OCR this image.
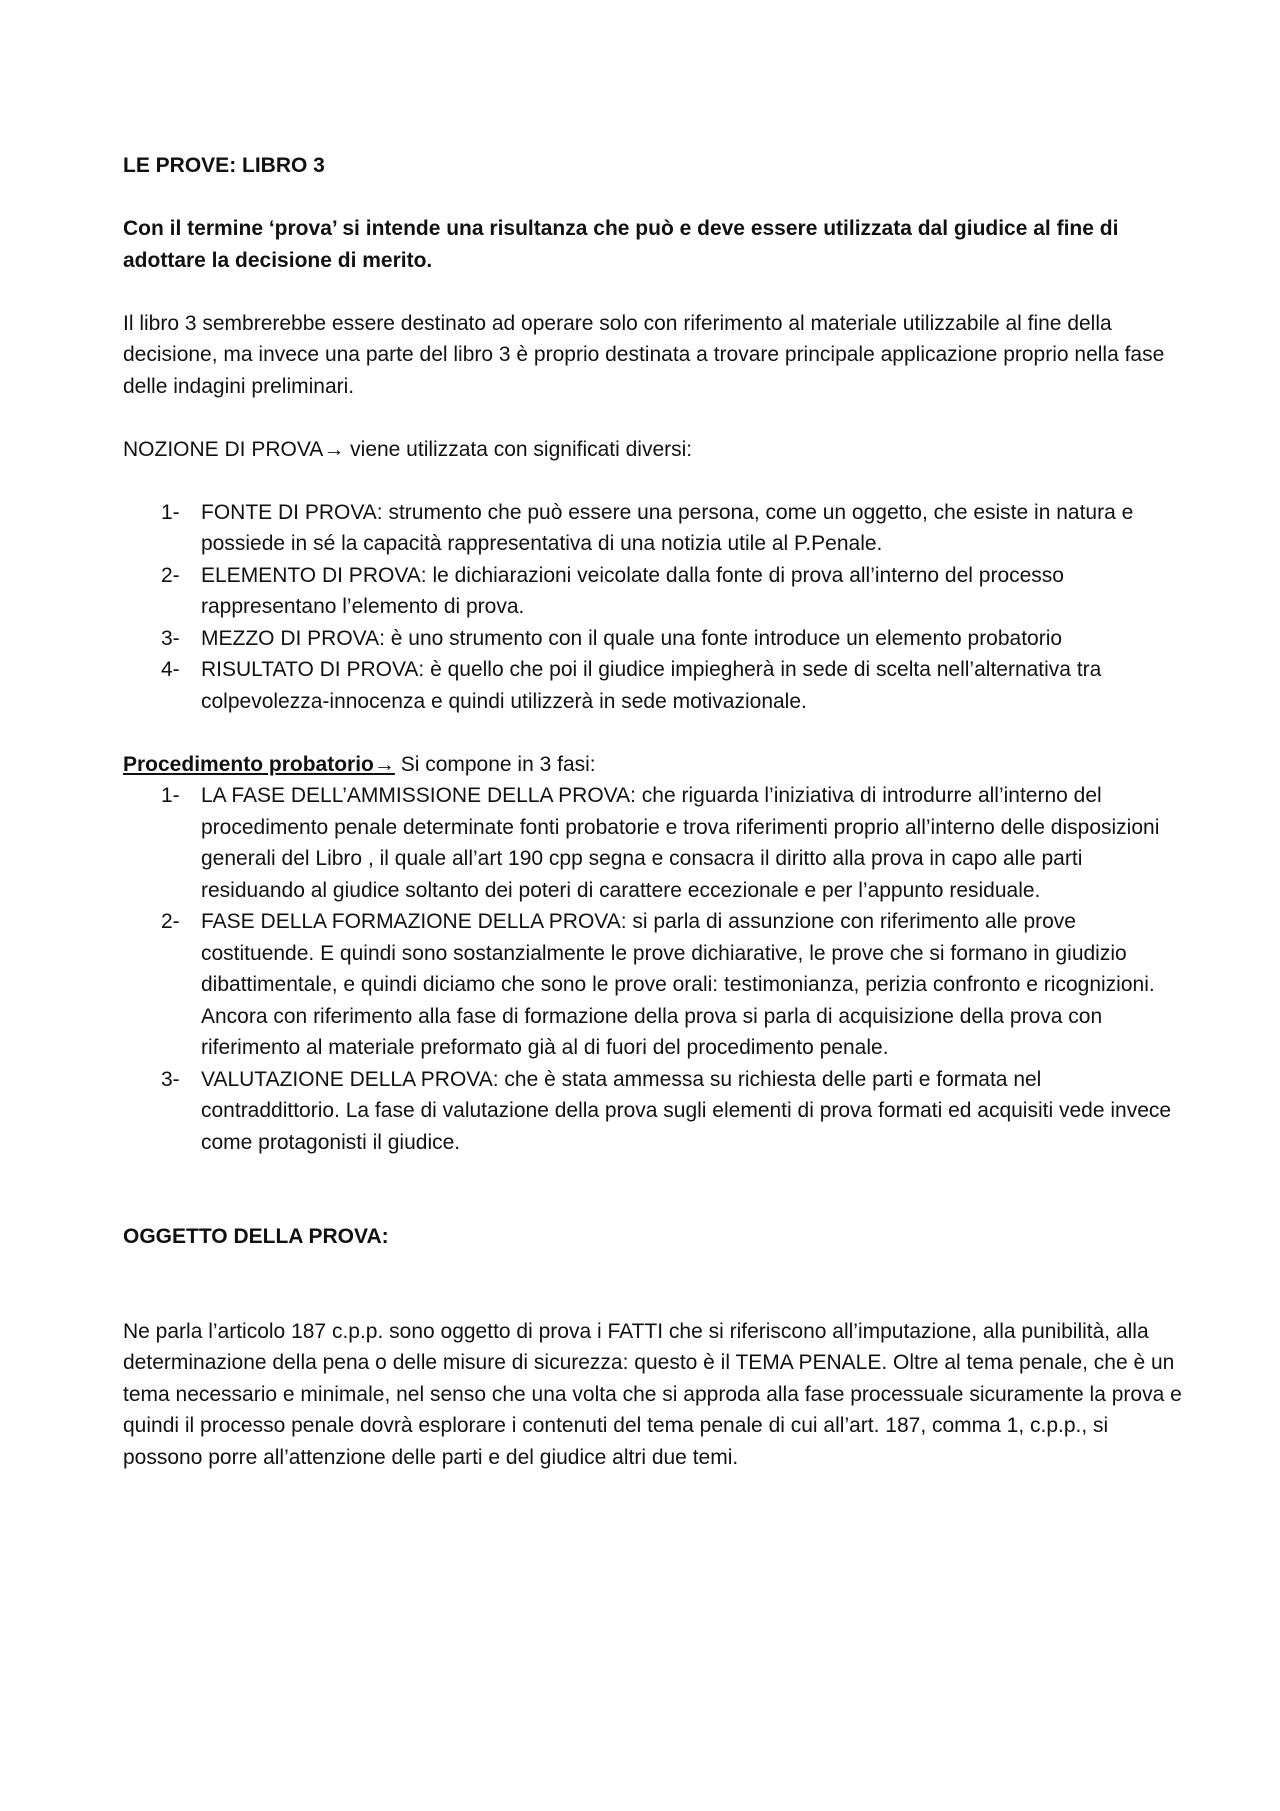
LE PROVE: LIBRO 3

Con il termine ‘prova’ si intende una risultanza che può e deve essere utilizzata dal giudice al fine di adottare la decisione di merito.

Il libro 3 sembrerebbe essere destinato ad operare solo con riferimento al materiale utilizzabile al fine della decisione, ma invece una parte del libro 3 è proprio destinata a trovare principale applicazione proprio nella fase delle indagini preliminari.

NOZIONE DI PROVA→ viene utilizzata con significati diversi:

1- FONTE DI PROVA: strumento che può essere una persona, come un oggetto, che esiste in natura e possiede in sé la capacità rappresentativa di una notizia utile al P.Penale.
2- ELEMENTO DI PROVA: le dichiarazioni veicolate dalla fonte di prova all’interno del processo rappresentano l’elemento di prova.
3- MEZZO DI PROVA: è uno strumento con il quale una fonte introduce un elemento probatorio
4- RISULTATO DI PROVA: è quello che poi il giudice impiegherà in sede di scelta nell’alternativa tra colpevolezza-innocenza e quindi utilizzerà in sede motivazionale.

Procedimento probatorio→ Si compone in 3 fasi:

1- LA FASE DELL’AMMISSIONE DELLA PROVA: che riguarda l’iniziativa di introdurre all’interno del procedimento penale determinate fonti probatorie e trova riferimenti proprio all’interno delle disposizioni generali del Libro , il quale all’art 190 cpp segna e consacra il diritto alla prova in capo alle parti residuando al giudice soltanto dei poteri di carattere eccezionale e per l’appunto residuale.
2- FASE DELLA FORMAZIONE DELLA PROVA: si parla di assunzione con riferimento alle prove costituende. E quindi sono sostanzialmente le prove dichiarative, le prove che si formano in giudizio dibattimentale, e quindi diciamo che sono le prove orali: testimonianza, perizia confronto e ricognizioni. Ancora con riferimento alla fase di formazione della prova si parla di acquisizione della prova con riferimento al materiale preformato già al di fuori del procedimento penale.
3- VALUTAZIONE DELLA PROVA: che è stata ammessa su richiesta delle parti e formata nel contraddittorio. La fase di valutazione della prova sugli elementi di prova formati ed acquisiti vede invece come protagonisti il giudice.

OGGETTO DELLA PROVA:

Ne parla l’articolo 187 c.p.p. sono oggetto di prova i FATTI che si riferiscono all’imputazione, alla punibilità, alla determinazione della pena o delle misure di sicurezza: questo è il TEMA PENALE. Oltre al tema penale, che è un tema necessario e minimale, nel senso che una volta che si approda alla fase processuale sicuramente la prova e quindi il processo penale dovrà esplorare i contenuti del tema penale di cui all’art. 187, comma 1, c.p.p., si possono porre all’attenzione delle parti e del giudice altri due temi.
